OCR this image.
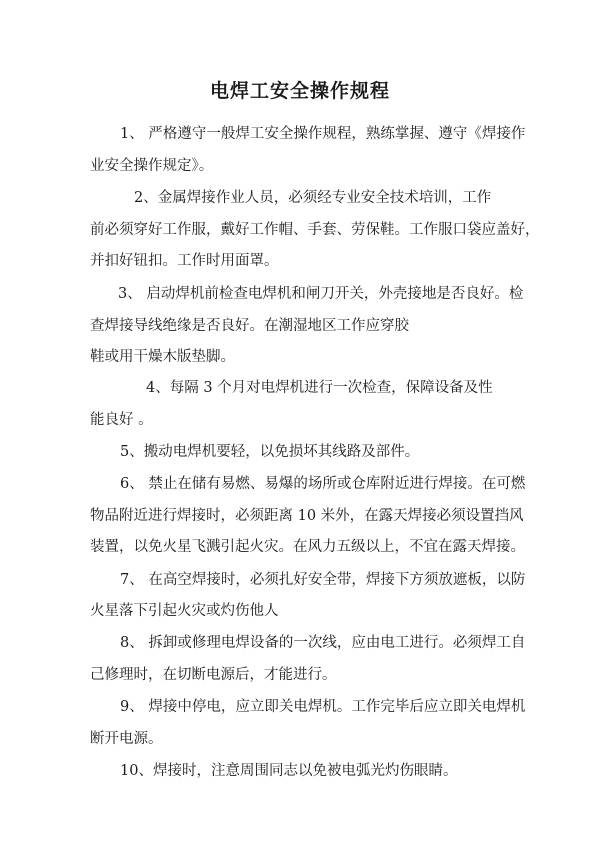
电焊工安全操作规程
1、 严格遵守一般焊工安全操作规程，熟练掌握、遵守《焊接作
业安全操作规定》。
2、金属焊接作业人员，必须经专业安全技术培训，工作
前必须穿好工作服，戴好工作帽、手套、劳保鞋。工作服口袋应盖好，
并扣好钮扣。工作时用面罩。
3、 启动焊机前检查电焊机和闸刀开关，外壳接地是否良好。检
查焊接导线绝缘是否良好。在潮湿地区工作应穿胶
鞋或用干燥木版垫脚。
4、每隔 3 个月对电焊机进行一次检查，保障设备及性
能良好 。
5、搬动电焊机要轻，以免损坏其线路及部件。
6、 禁止在储有易燃、易爆的场所或仓库附近进行焊接。在可燃
物品附近进行焊接时，必须距离 10 米外，在露天焊接必须设置挡风
装置，以免火星飞溅引起火灾。在风力五级以上，不宜在露天焊接。
7、 在高空焊接时，必须扎好安全带，焊接下方须放遮板，以防
火星落下引起火灾或灼伤他人
8、 拆卸或修理电焊设备的一次线，应由电工进行。必须焊工自
己修理时，在切断电源后，才能进行。
9、 焊接中停电，应立即关电焊机。工作完毕后应立即关电焊机
断开电源。
10、焊接时，注意周围同志以免被电弧光灼伤眼睛。
